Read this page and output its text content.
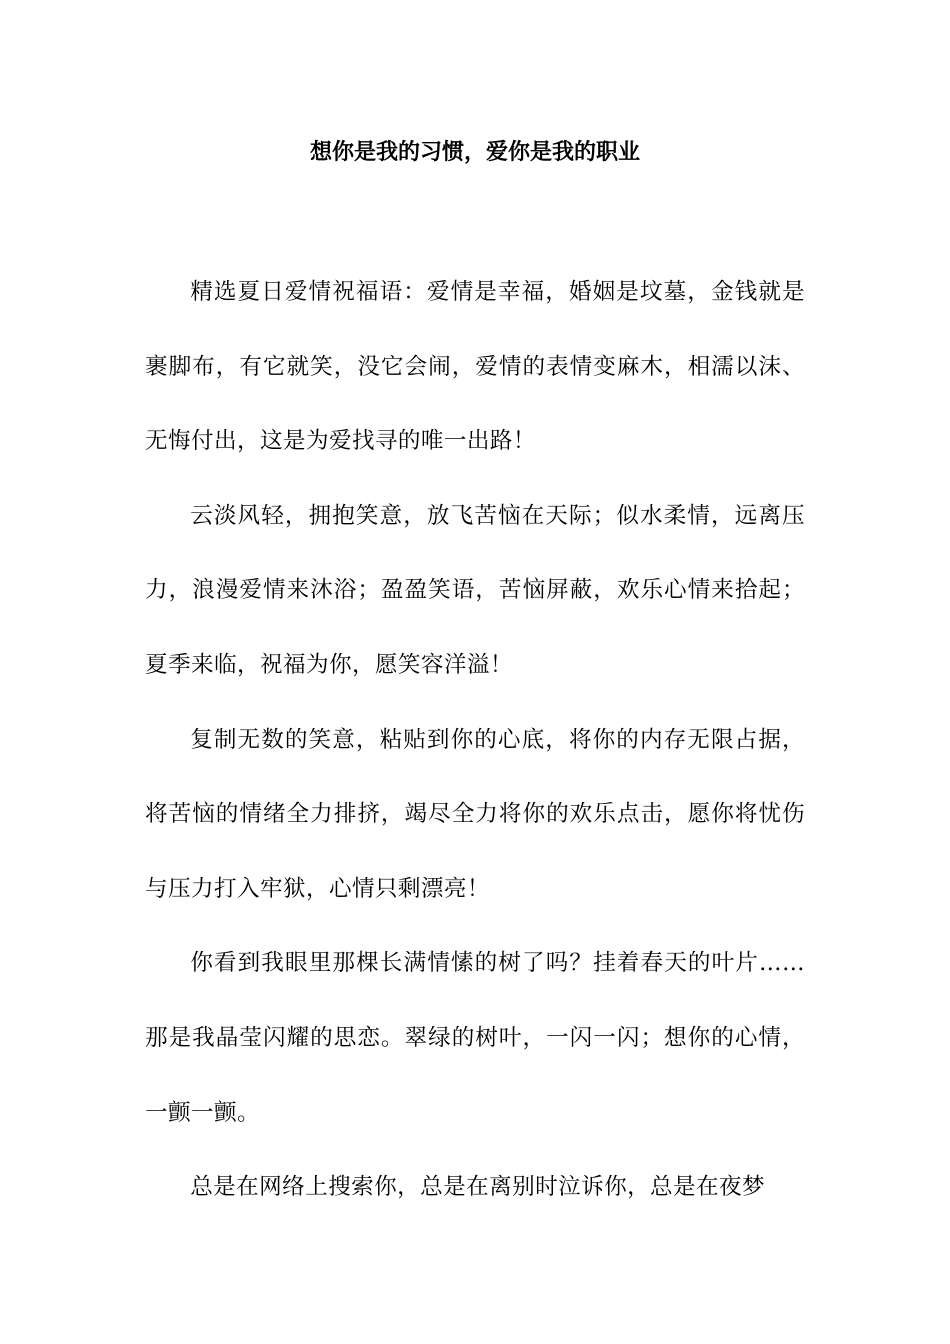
想你是我的习惯，爱你是我的职业

精选夏日爱情祝福语：爱情是幸福，婚姻是坟墓，金钱就是裹脚布，有它就笑，没它会闹，爱情的表情变麻木，相濡以沫、无悔付出，这是为爱找寻的唯一出路！

云淡风轻，拥抱笑意，放飞苦恼在天际；似水柔情，远离压力，浪漫爱情来沐浴；盈盈笑语，苦恼屏蔽，欢乐心情来拾起；夏季来临，祝福为你，愿笑容洋溢！

复制无数的笑意，粘贴到你的心底，将你的内存无限占据，将苦恼的情绪全力排挤，竭尽全力将你的欢乐点击，愿你将忧伤与压力打入牢狱，心情只剩漂亮！

你看到我眼里那棵长满情愫的树了吗？挂着春天的叶片……那是我晶莹闪耀的思恋。翠绿的树叶，一闪一闪；想你的心情，一颤一颤。

总是在网络上搜索你，总是在离别时泣诉你，总是在夜梦
